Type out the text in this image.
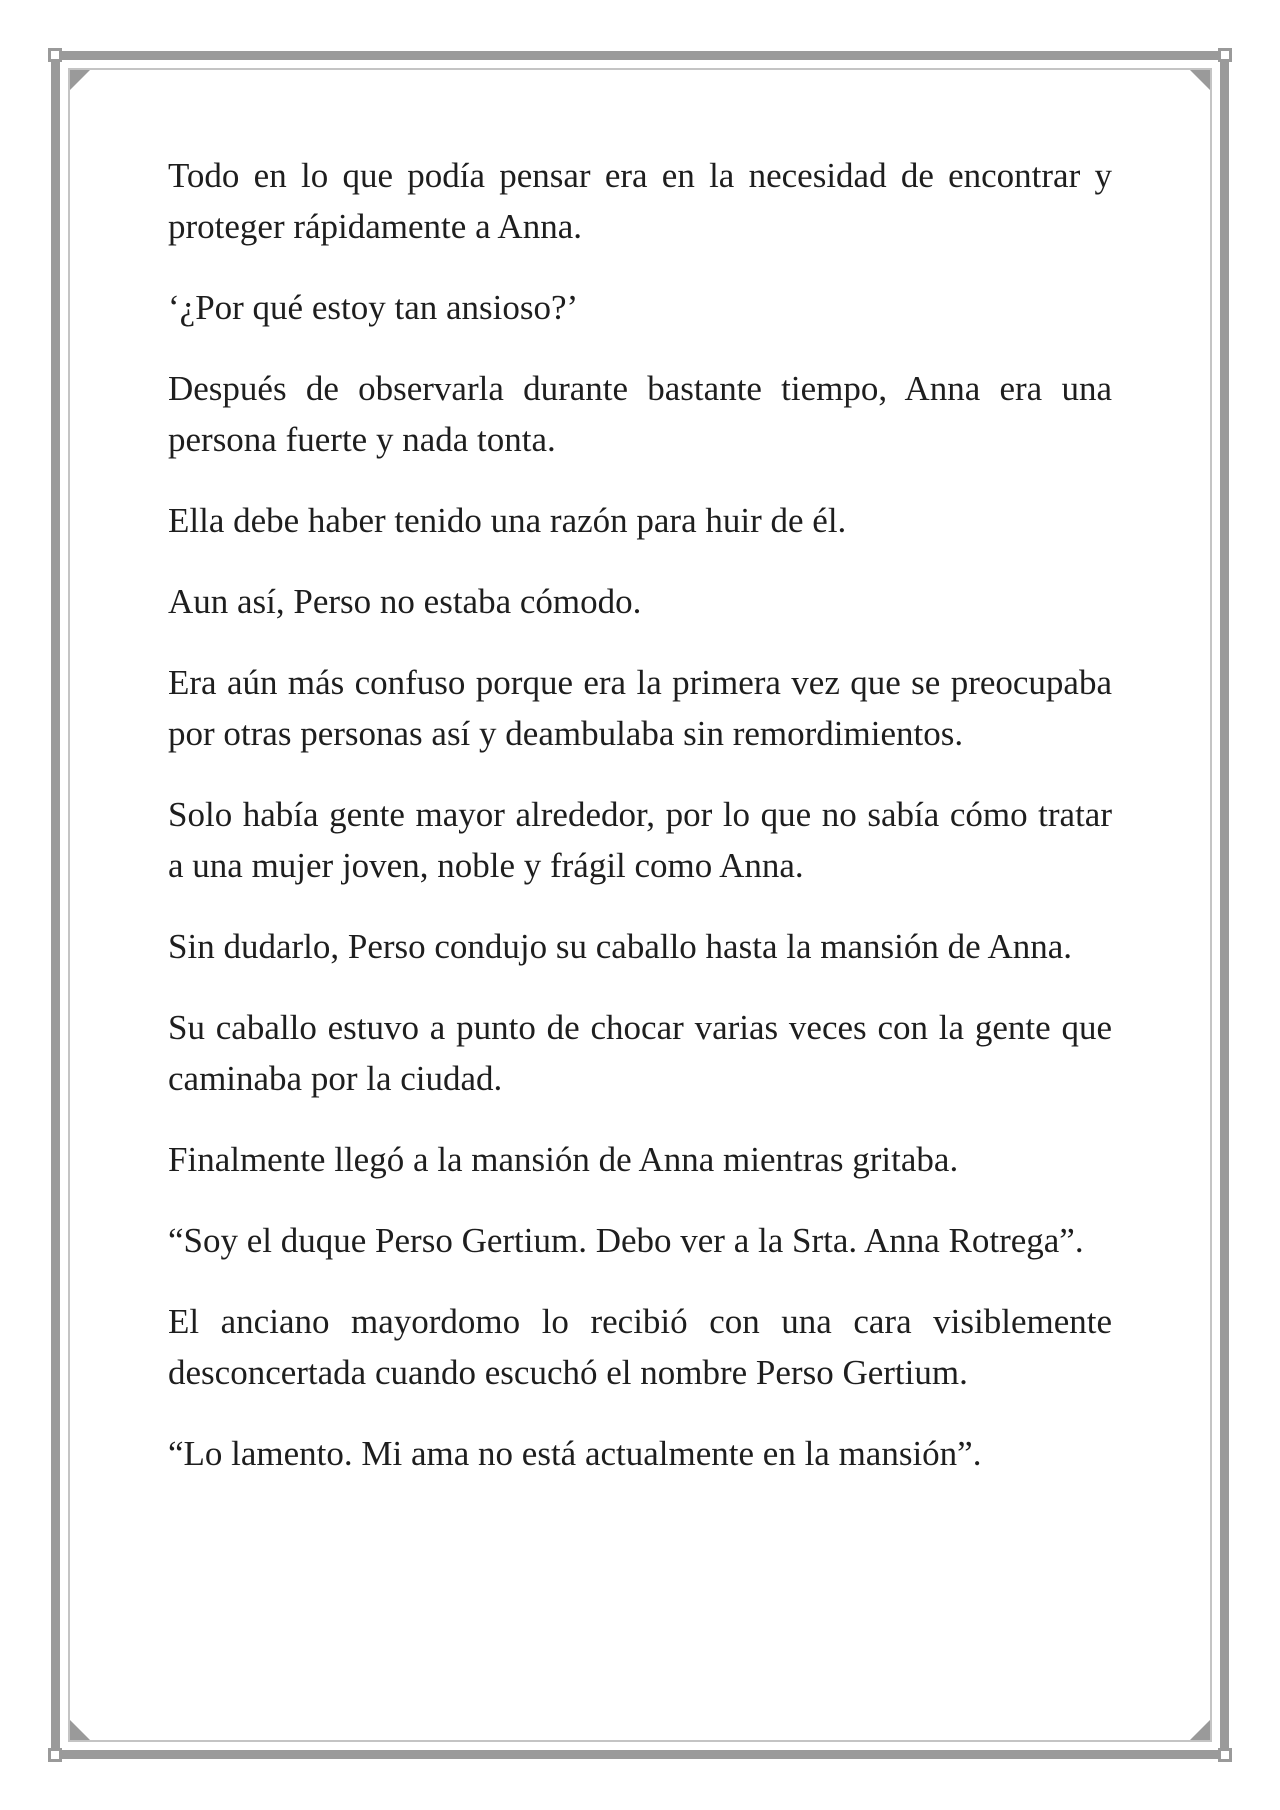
Todo en lo que podía pensar era en la necesidad de encontrar y proteger rápidamente a Anna.

‘¿Por qué estoy tan ansioso?’

Después de observarla durante bastante tiempo, Anna era una persona fuerte y nada tonta.

Ella debe haber tenido una razón para huir de él.

Aun así, Perso no estaba cómodo.

Era aún más confuso porque era la primera vez que se preocupaba por otras personas así y deambulaba sin remordimientos.

Solo había gente mayor alrededor, por lo que no sabía cómo tratar a una mujer joven, noble y frágil como Anna.

Sin dudarlo, Perso condujo su caballo hasta la mansión de Anna.

Su caballo estuvo a punto de chocar varias veces con la gente que caminaba por la ciudad.

Finalmente llegó a la mansión de Anna mientras gritaba.

“Soy el duque Perso Gertium. Debo ver a la Srta. Anna Rotrega”.

El anciano mayordomo lo recibió con una cara visiblemente desconcertada cuando escuchó el nombre Perso Gertium.

“Lo lamento. Mi ama no está actualmente en la mansión”.
